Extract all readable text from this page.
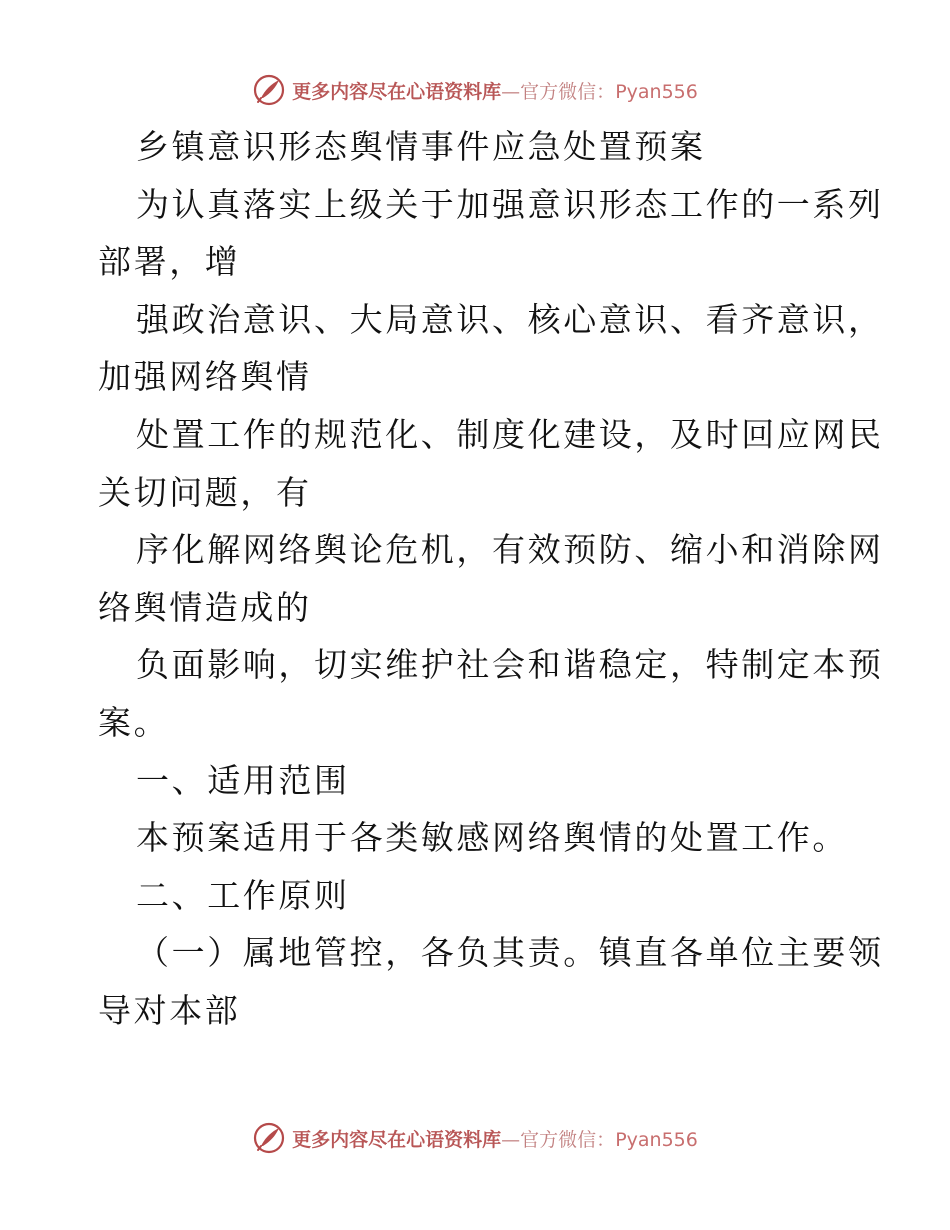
更多内容尽在心语资料库—官方微信：Pyan556
乡镇意识形态舆情事件应急处置预案
为认真落实上级关于加强意识形态工作的一系列
部署，增
强政治意识、大局意识、核心意识、看齐意识，
加强网络舆情
处置工作的规范化、制度化建设，及时回应网民
关切问题，有
序化解网络舆论危机，有效预防、缩小和消除网
络舆情造成的
负面影响，切实维护社会和谐稳定，特制定本预
案。
一、适用范围
本预案适用于各类敏感网络舆情的处置工作。
二、工作原则
（一）属地管控，各负其责。镇直各单位主要领
导对本部
更多内容尽在心语资料库—官方微信：Pyan556
